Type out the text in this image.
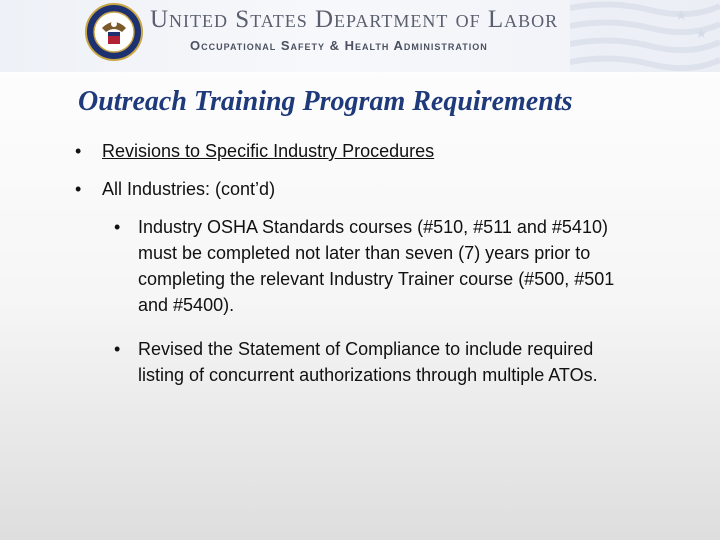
★
★
United States Department of Labor
Occupational Safety & Health Administration
Outreach Training Program Requirements
• Revisions to Specific Industry Procedures
• All Industries: (cont’d)
• Industry OSHA Standards courses (#510, #511 and #5410) must be completed not later than seven (7) years prior to completing the relevant Industry Trainer course (#500, #501 and #5400).
• Revised the Statement of Compliance to include required listing of concurrent authorizations through multiple ATOs.
